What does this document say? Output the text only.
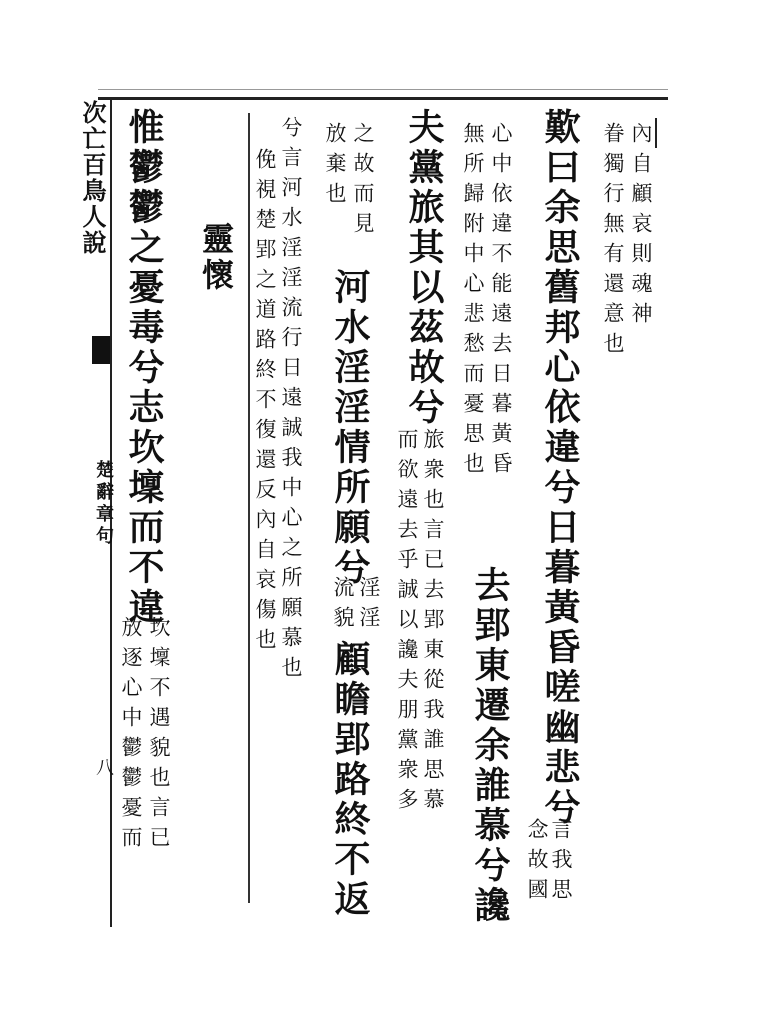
次亡百鳥人說
楚辭章句
八
內自顧哀則魂神
眷獨行無有還意也
歎曰余思舊邦心依違兮日暮黃昏嗟幽悲兮
言我思
念故國
心中依違不能遠去日暮黃昏
無所歸附中心悲愁而憂思也
去郢東遷余誰慕兮讒
夫黨旅其以茲故兮
旅衆也言已去郢東從我誰思慕
而欲遠去乎誠以讒夫朋黨衆多
之故而見
放棄也
河水淫淫情所願兮
淫淫
流貌
顧瞻郢路終不返
兮言河水淫淫流行日遠誠我中心之所願慕也
俛視楚郢之道路終不復還反內自哀傷也
靈懷
惟鬱鬱之憂毒兮志坎壈而不違
坎壈不遇貌也言已
放逐心中鬱鬱憂而
